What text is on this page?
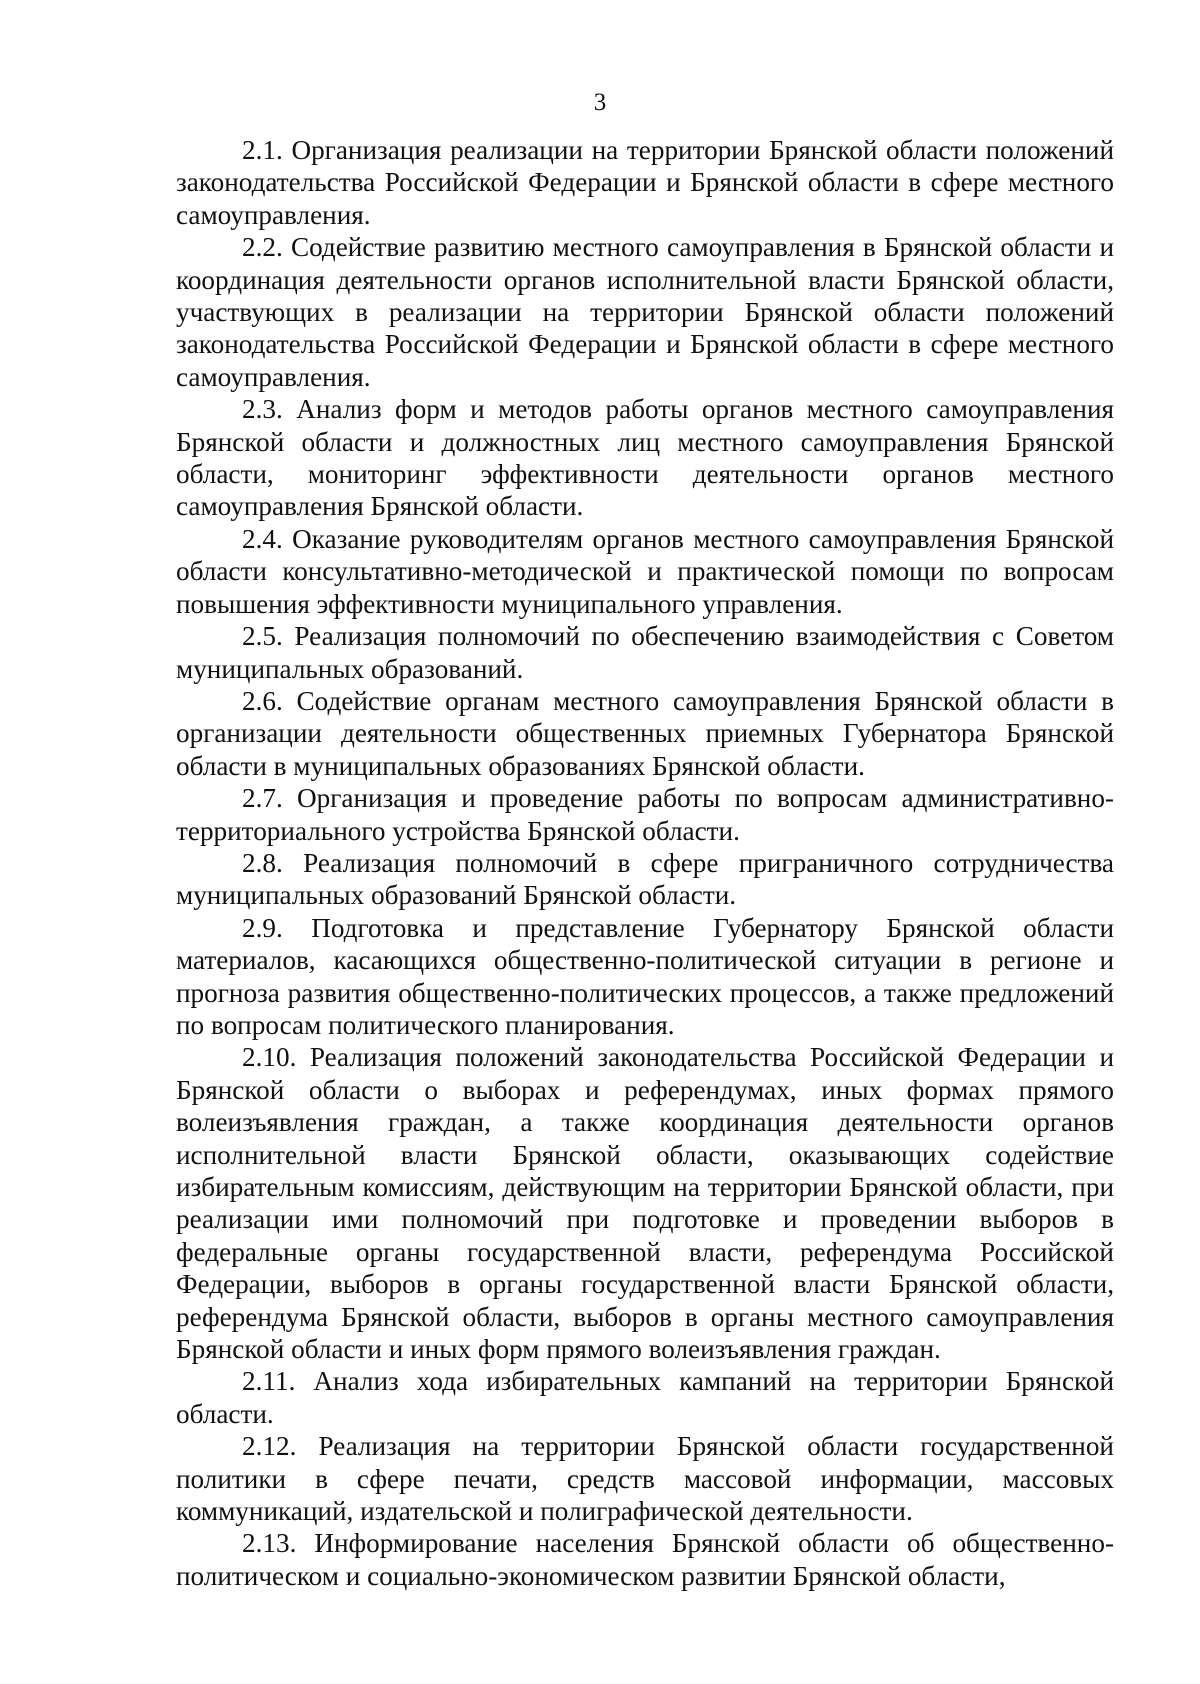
3

2.1. Организация реализации на территории Брянской области положений законодательства Российской Федерации и Брянской области в сфере местного самоуправления.

2.2. Содействие развитию местного самоуправления в Брянской области и координация деятельности органов исполнительной власти Брянской области, участвующих в реализации на территории Брянской области положений законодательства Российской Федерации и Брянской области в сфере местного самоуправления.

2.3. Анализ форм и методов работы органов местного самоуправления Брянской области и должностных лиц местного самоуправления Брянской области, мониторинг эффективности деятельности органов местного самоуправления Брянской области.

2.4. Оказание руководителям органов местного самоуправления Брянской области консультативно-методической и практической помощи по вопросам повышения эффективности муниципального управления.

2.5. Реализация полномочий по обеспечению взаимодействия с Советом муниципальных образований.

2.6. Содействие органам местного самоуправления Брянской области в организации деятельности общественных приемных Губернатора Брянской области в муниципальных образованиях Брянской области.

2.7. Организация и проведение работы по вопросам административно-территориального устройства Брянской области.

2.8. Реализация полномочий в сфере приграничного сотрудничества муниципальных образований Брянской области.

2.9. Подготовка и представление Губернатору Брянской области материалов, касающихся общественно-политической ситуации в регионе и прогноза развития общественно-политических процессов, а также предложений по вопросам политического планирования.

2.10. Реализация положений законодательства Российской Федерации и Брянской области о выборах и референдумах, иных формах прямого волеизъявления граждан, а также координация деятельности органов исполнительной власти Брянской области, оказывающих содействие избирательным комиссиям, действующим на территории Брянской области, при реализации ими полномочий при подготовке и проведении выборов в федеральные органы государственной власти, референдума Российской Федерации, выборов в органы государственной власти Брянской области, референдума Брянской области, выборов в органы местного самоуправления Брянской области и иных форм прямого волеизъявления граждан.

2.11. Анализ хода избирательных кампаний на территории Брянской области.

2.12. Реализация на территории Брянской области государственной политики в сфере печати, средств массовой информации, массовых коммуникаций, издательской и полиграфической деятельности.

2.13. Информирование населения Брянской области об общественно-политическом и социально-экономическом развитии Брянской области,
